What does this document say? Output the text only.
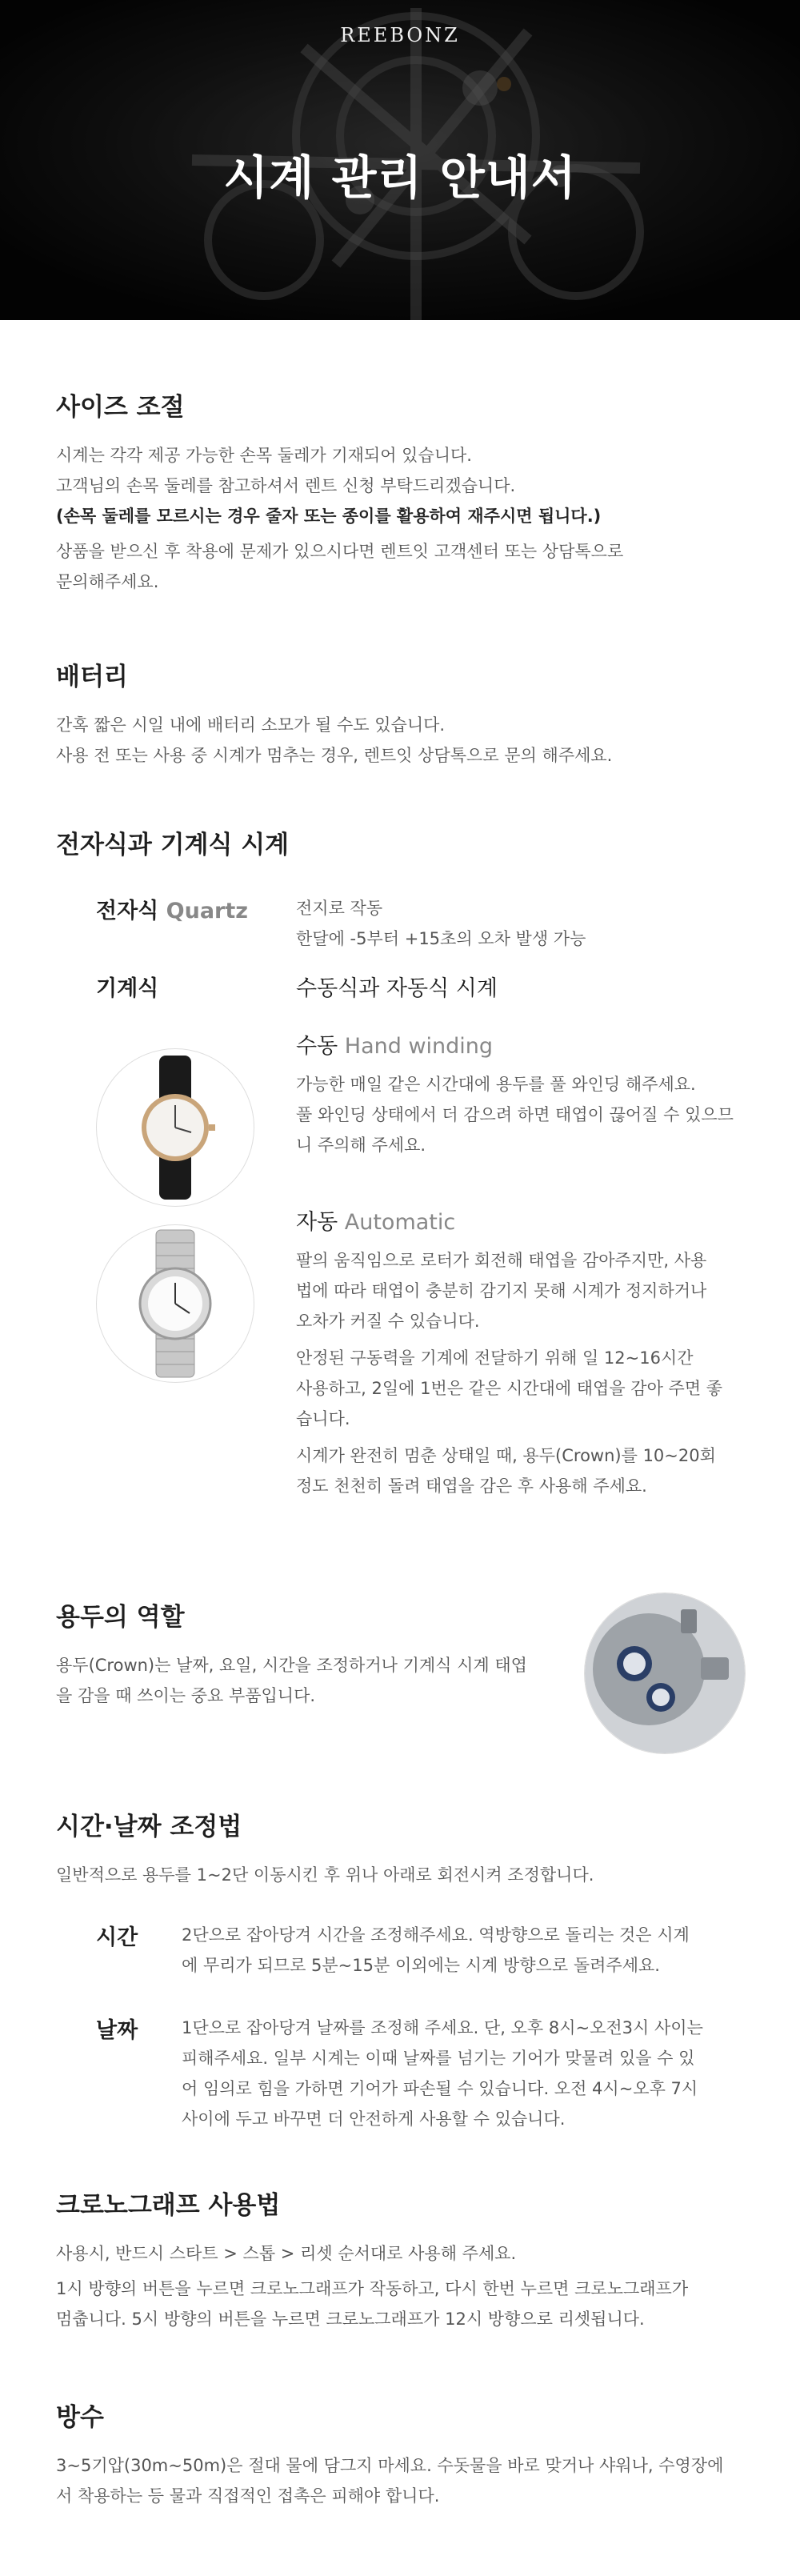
REEBONZ
시계 관리 안내서
사이즈 조절

시계는 각각 제공 가능한 손목 둘레가 기재되어 있습니다.

고객님의 손목 둘레를 참고하셔서 렌트 신청 부탁드리겠습니다.

(손목 둘레를 모르시는 경우 줄자 또는 종이를 활용하여 재주시면 됩니다.)

상품을 받으신 후 착용에 문제가 있으시다면 렌트잇 고객센터 또는 상담톡으로

문의해주세요.

배터리

간혹 짧은 시일 내에 배터리 소모가 될 수도 있습니다.

사용 전 또는 사용 중 시계가 멈추는 경우, 렌트잇 상담톡으로 문의 해주세요.

전자식과 기계식 시계
전자식 Quartz	전지로 작동

한달에 -5부터 +15초의 오차 발생 가능

기계식	수동식과 자동식 시계
수동 Hand winding

가능한 매일 같은 시간대에 용두를 풀 와인딩 해주세요.

풀 와인딩 상태에서 더 감으려 하면 태엽이 끊어질 수 있으므

니 주의해 주세요.

자동 Automatic

팔의 움직임으로 로터가 회전해 태엽을 감아주지만, 사용

법에 따라 태엽이 충분히 감기지 못해 시계가 정지하거나

오차가 커질 수 있습니다.

안정된 구동력을 기계에 전달하기 위해 일 12~16시간

사용하고, 2일에 1번은 같은 시간대에 태엽을 감아 주면 좋

습니다.

시계가 완전히 멈춘 상태일 때, 용두(Crown)를 10~20회

정도 천천히 돌려 태엽을 감은 후 사용해 주세요.

용두의 역할

용두(Crown)는 날짜, 요일, 시간을 조정하거나 기계식 시계 태엽

을 감을 때 쓰이는 중요 부품입니다.

시간·날짜 조정법

일반적으로 용두를 1~2단 이동시킨 후 위나 아래로 회전시켜 조정합니다.

시간	2단으로 잡아당겨 시간을 조정해주세요. 역방향으로 돌리는 것은 시계

에 무리가 되므로 5분~15분 이외에는 시계 방향으로 돌려주세요.

날짜	1단으로 잡아당겨 날짜를 조정해 주세요. 단, 오후 8시~오전3시 사이는

피해주세요. 일부 시계는 이때 날짜를 넘기는 기어가 맞물려 있을 수 있

어 임의로 힘을 가하면 기어가 파손될 수 있습니다. 오전 4시~오후 7시

사이에 두고 바꾸면 더 안전하게 사용할 수 있습니다.

크로노그래프 사용법

사용시, 반드시 스타트 > 스톱 > 리셋 순서대로 사용해 주세요.

1시 방향의 버튼을 누르면 크로노그래프가 작동하고, 다시 한번 누르면 크로노그래프가

멈춥니다. 5시 방향의 버튼을 누르면 크로노그래프가 12시 방향으로 리셋됩니다.

방수

3~5기압(30m~50m)은 절대 물에 담그지 마세요. 수돗물을 바로 맞거나 샤워나, 수영장에

서 착용하는 등 물과 직접적인 접촉은 피해야 합니다.
